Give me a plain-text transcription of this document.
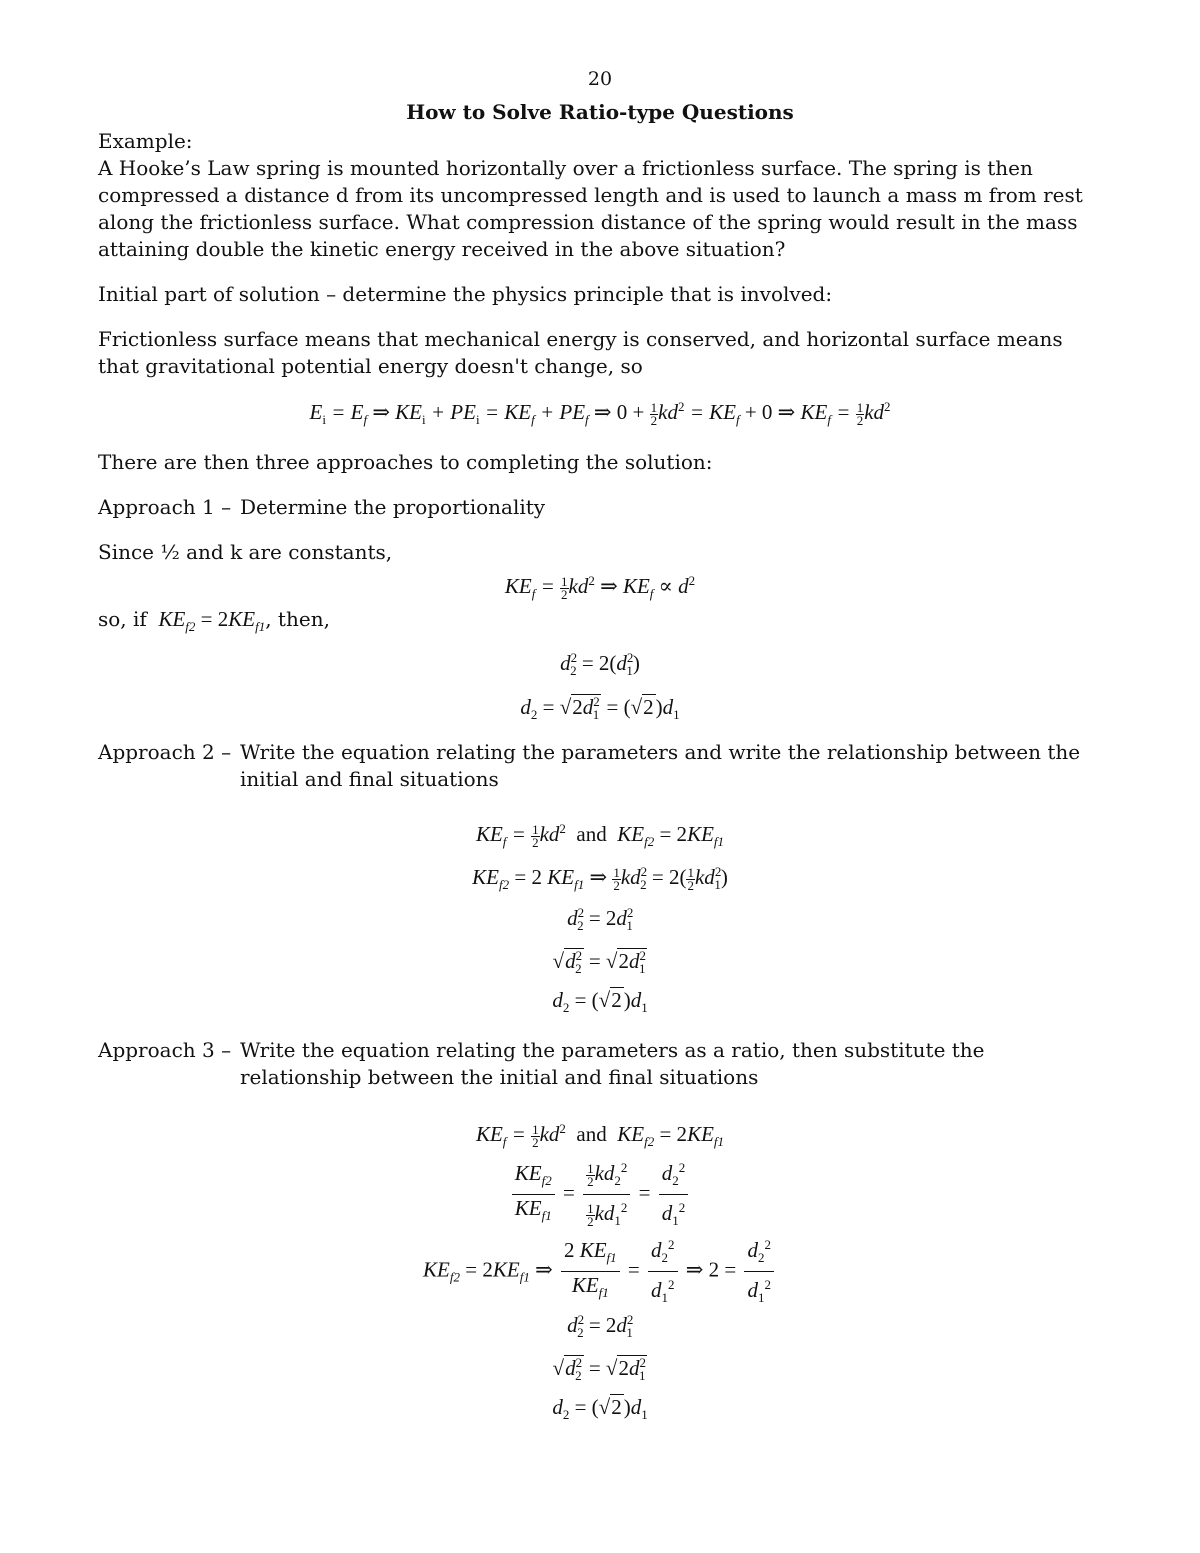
20
How to Solve Ratio-type Questions
Example:
A Hooke’s Law spring is mounted horizontally over a frictionless surface. The spring is then compressed a distance d from its uncompressed length and is used to launch a mass m from rest along the frictionless surface. What compression distance of the spring would result in the mass attaining double the kinetic energy received in the above situation?
Initial part of solution – determine the physics principle that is involved:
Frictionless surface means that mechanical energy is conserved, and horizontal surface means that gravitational potential energy doesn't change, so
$E_i = E_f$ ⇒ $KE_i + PE_i = KE_f + PE_f$ ⇒ $0 + \frac{1}{2} kd^2 = KE_f + 0$ ⇒ $KE_f = \frac{1}{2} kd^2$
There are then three approaches to completing the solution:
Approach 1 – Determine the proportionality
Since ½ and k are constants,
$KE_f = \frac{1}{2} kd^2$ ⇒ $KE_f \propto d^2$
so, if  $KE_{f2} = 2KE_{f1}$, then,
$d^2_2 = 2(d^2_1)$
$d_2 = √2d^2_1 = (√2)d_1$
Approach 2 – Write the equation relating the parameters and write the relationship between the initial and final situations
$KE_f = \frac{1}{2} kd^2$ and  $KE_{f2} = 2KE_{f1}$
$KE_{f2} = 2$ $KE_{f1}$ ⇒ $\frac{1}{2} kd^2_2 = 2( \frac{1}{2} kd^2_1)$
$d^2_2 = 2d^2_1$
$√d^2_2 = √2d^2_1$
$d_2 = (√2)d_1$
Approach 3 – Write the equation relating the parameters as a ratio, then substitute the relationship between the initial and final situations
$KE_f = \frac{1}{2} kd^2$ and  $KE_{f2} = 2KE_{f1}$
$\frac{KE_{f2}}{KE_{f1}} = \frac{\frac{1}{2} kd_2^2}{\frac{1}{2} kd_1^2} = \frac{d_2^2}{d_1^2}$
$KE_{f2} = 2KE_{f1}$ ⇒ $\frac{2 KE_{f1}}{KE_{f1}} = \frac{d_2^2}{d_1^2}$ ⇒ $2 = \frac{d_2^2}{d_1^2}$
$d^2_2 = 2d^2_1$
$√d^2_2 = √2d^2_1$
$d_2 = (√2)d_1$
